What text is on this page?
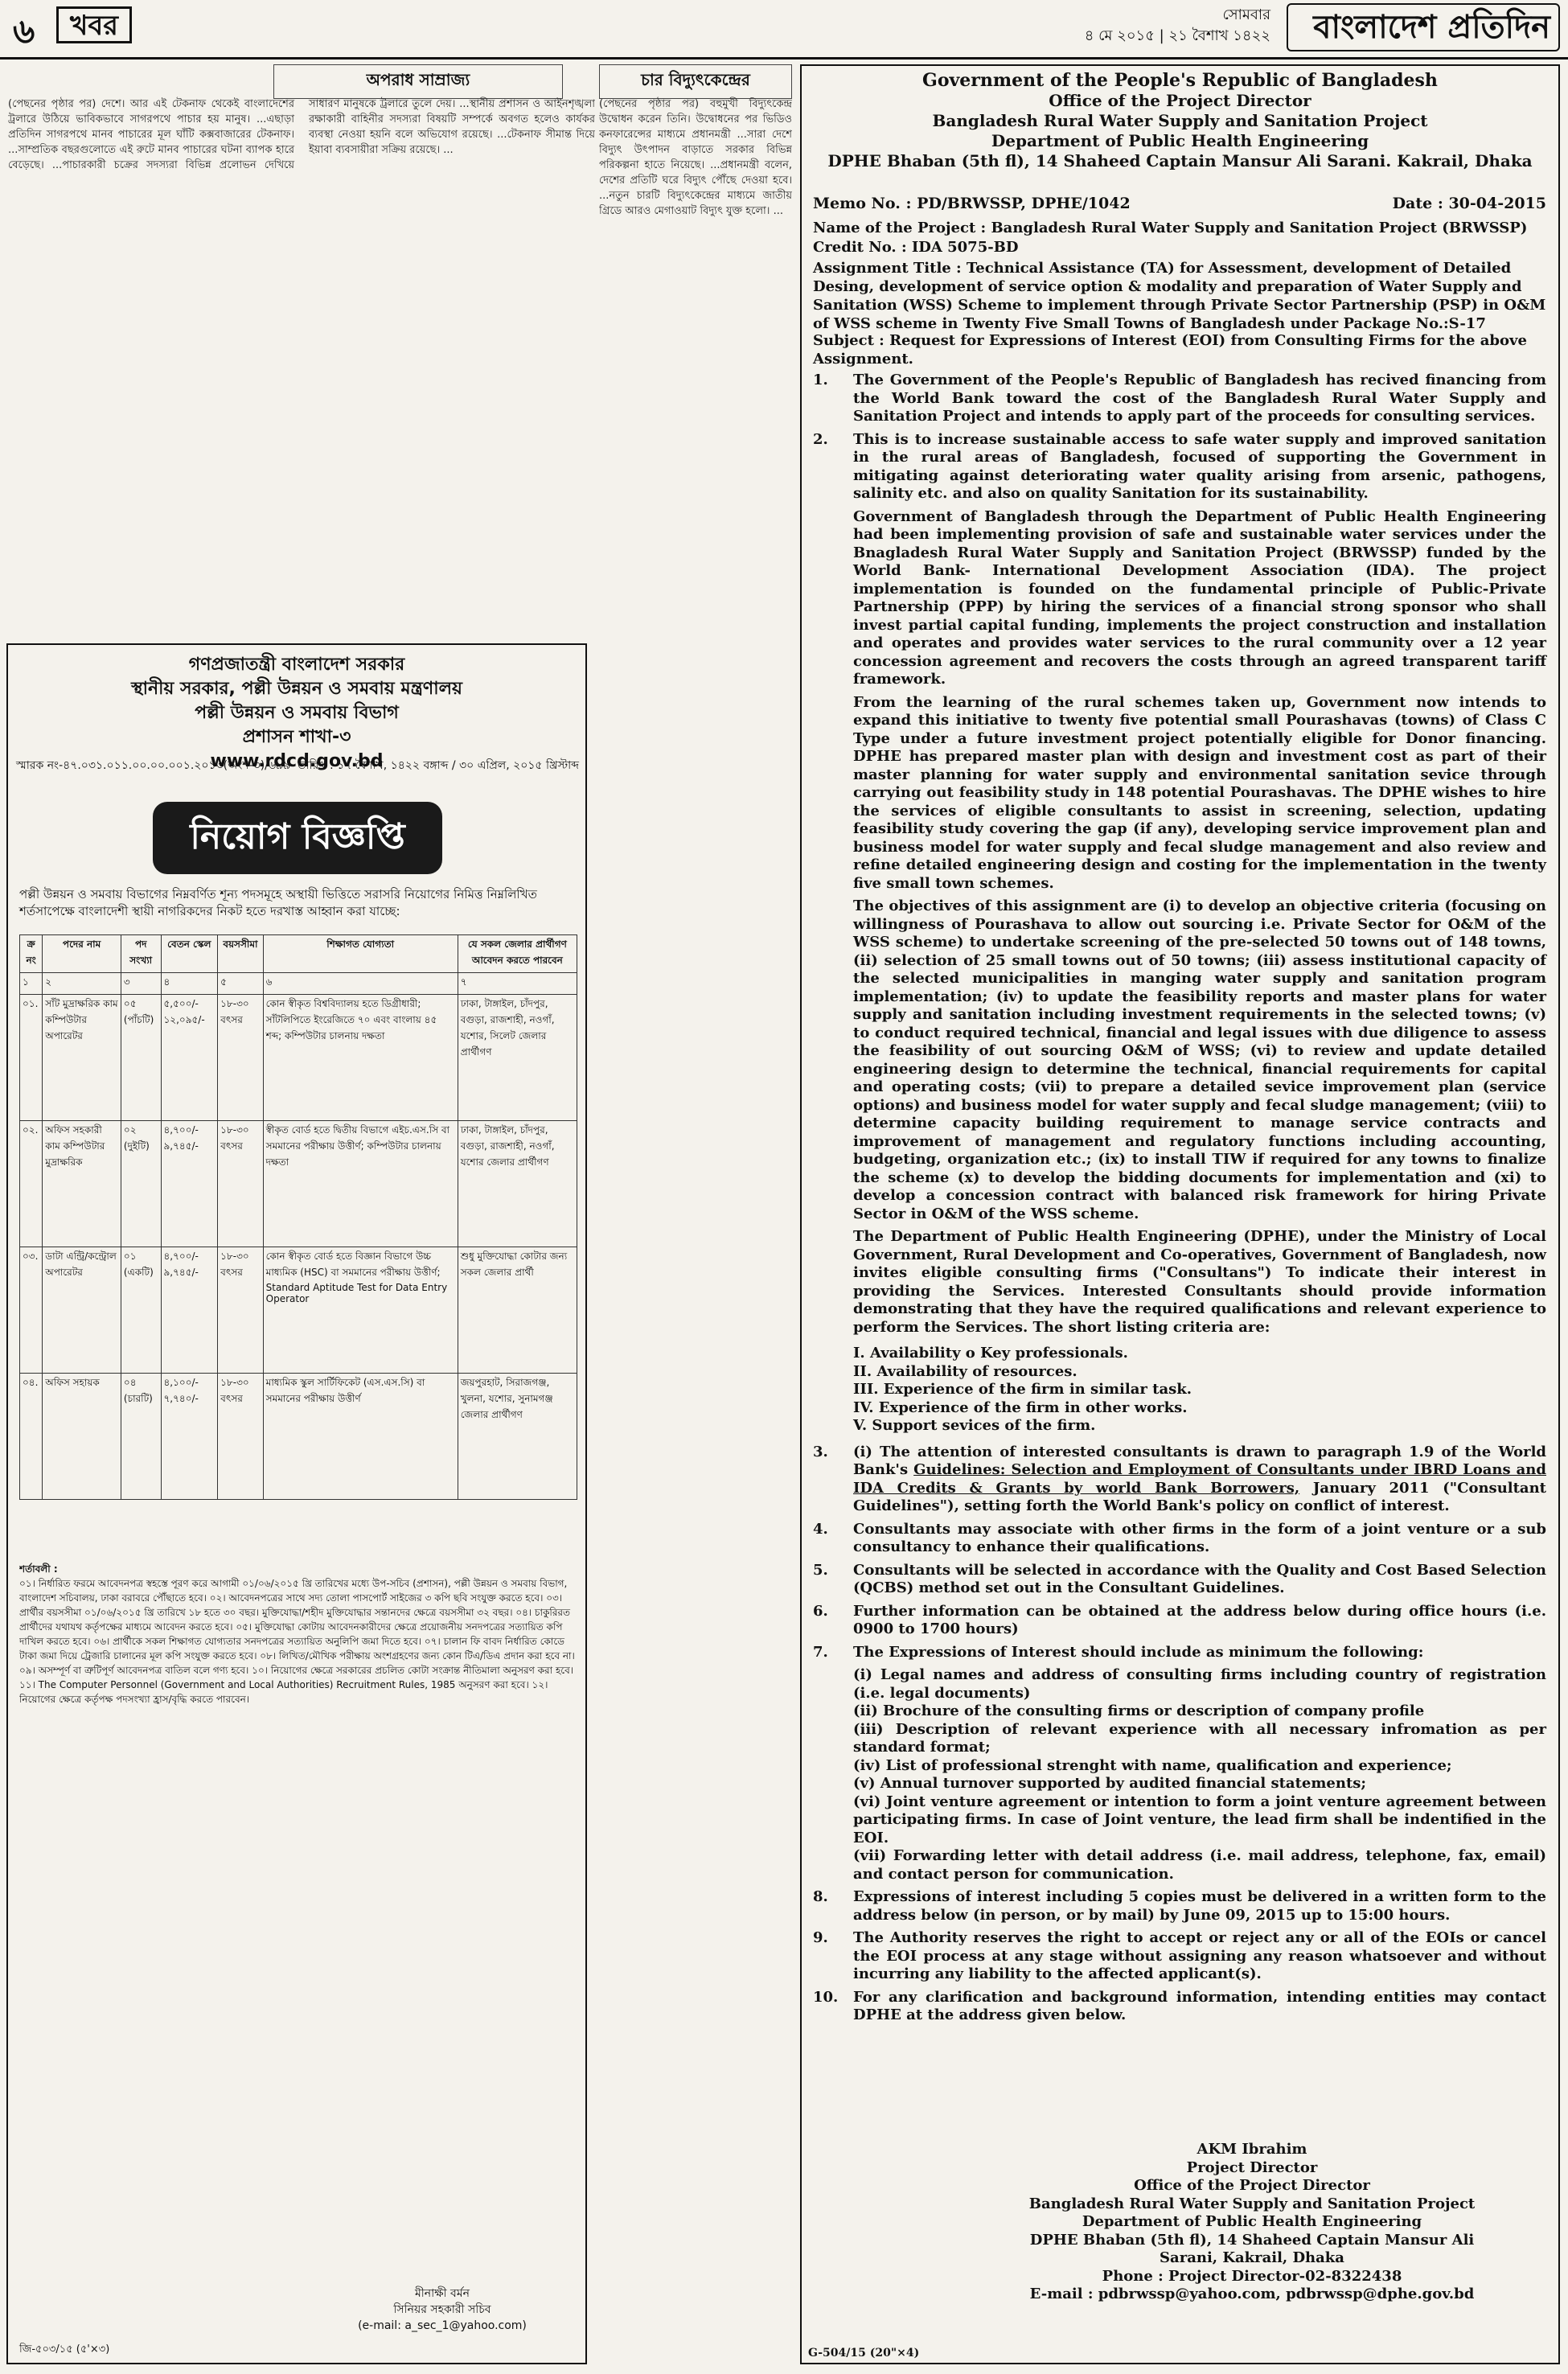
৬	খবর	সোমবার
৪ মে ২০১৫ | ২১ বৈশাখ ১৪২২	বাংলাদেশ প্রতিদিন
অপরাধ সাম্রাজ্য
(পেছনের পৃষ্ঠার পর) দেশে। আর এই টেকনাফ থেকেই বাংলাদেশের ট্রলারে উঠিয়ে ভাবিকভাবে সাগরপথে পাচার হয় মানুষ। ...এছাড়া প্রতিদিন সাগরপথে মানব পাচারের মূল ঘাঁটি কক্সবাজারের টেকনাফ। ...সাম্প্রতিক বছরগুলোতে এই রুটে মানব পাচারের ঘটনা ব্যাপক হারে বেড়েছে। ...পাচারকারী চক্রের সদস্যরা বিভিন্ন প্রলোভন দেখিয়ে সাধারণ মানুষকে ট্রলারে তুলে দেয়। ...স্থানীয় প্রশাসন ও আইনশৃঙ্খলা রক্ষাকারী বাহিনীর সদস্যরা বিষয়টি সম্পর্কে অবগত হলেও কার্যকর ব্যবস্থা নেওয়া হয়নি বলে অভিযোগ রয়েছে। ...টেকনাফ সীমান্ত দিয়ে ইয়াবা ব্যবসায়ীরা সক্রিয় রয়েছে। ...
গণপ্রজাতন্ত্রী বাংলাদেশ সরকার
স্থানীয় সরকার, পল্লী উন্নয়ন ও সমবায় মন্ত্রণালয়
পল্লী উন্নয়ন ও সমবায় বিভাগ
প্রশাসন শাখা-৩
www.rdcd.gov.bd
স্মারক নং-৪৭.০৩১.০১১.০০.০০.০০১.২০১৩(অংশ-৩)/৬৯৯ তারিখ : ১৭ বৈশাখ, ১৪২২ বঙ্গাব্দ / ৩০ এপ্রিল, ২০১৫ খ্রিস্টাব্দ
নিয়োগ বিজ্ঞপ্তি
পল্লী উন্নয়ন ও সমবায় বিভাগের নিম্নবর্ণিত শূন্য পদসমূহে অস্থায়ী ভিত্তিতে সরাসরি নিয়োগের নিমিত্ত নিম্নলিখিত শর্তসাপেক্ষে বাংলাদেশী স্থায়ী নাগরিকদের নিকট হতে দরখাস্ত আহ্বান করা যাচ্ছে:
ক্র নং	পদের নাম	পদ সংখ্যা	বেতন স্কেল	বয়সসীমা	শিক্ষাগত যোগ্যতা	যে সকল জেলার প্রার্থীগণ আবেদন করতে পারবেন
১	২	৩	৪	৫	৬	৭
০১.	সাঁট মুদ্রাক্ষরিক কাম কম্পিউটার অপারেটর	০৫ (পাঁচটি)	৫,৫০০/- ১২,০৯৫/-	১৮-৩০ বৎসর	কোন স্বীকৃত বিশ্ববিদ্যালয় হতে ডিগ্রীধারী; সাঁটলিপিতে ইংরেজিতে ৭০ এবং বাংলায় ৪৫ শব্দ; কম্পিউটার চালনায় দক্ষতা	ঢাকা, টাঙ্গাইল, চাঁদপুর, বগুড়া, রাজশাহী, নওগাঁ, যশোর, সিলেট জেলার প্রার্থীগণ
০২.	অফিস সহকারী কাম কম্পিউটার মুদ্রাক্ষরিক	০২ (দুইটি)	৪,৭০০/- ৯,৭৪৫/-	১৮-৩০ বৎসর	স্বীকৃত বোর্ড হতে দ্বিতীয় বিভাগে এইচ.এস.সি বা সমমানের পরীক্ষায় উত্তীর্ণ; কম্পিউটার চালনায় দক্ষতা	ঢাকা, টাঙ্গাইল, চাঁদপুর, বগুড়া, রাজশাহী, নওগাঁ, যশোর জেলার প্রার্থীগণ
০৩.	ডাটা এন্ট্রি/কন্ট্রোল অপারেটর	০১ (একটি)	৪,৭০০/- ৯,৭৪৫/-	১৮-৩০ বৎসর	কোন স্বীকৃত বোর্ড হতে বিজ্ঞান বিভাগে উচ্চ মাধ্যমিক (HSC) বা সমমানের পরীক্ষায় উত্তীর্ণ; Standard Aptitude Test for Data Entry Operator	শুধু মুক্তিযোদ্ধা কোটার জন্য সকল জেলার প্রার্থী
০৪.	অফিস সহায়ক	০৪ (চারটি)	৪,১০০/- ৭,৭৪০/-	১৮-৩০ বৎসর	মাধ্যমিক স্কুল সার্টিফিকেট (এস.এস.সি) বা সমমানের পরীক্ষায় উত্তীর্ণ	জয়পুরহাট, সিরাজগঞ্জ, খুলনা, যশোর, সুনামগঞ্জ জেলার প্রার্থীগণ
শর্তাবলী :
০১। নির্ধারিত ফরমে আবেদনপত্র স্বহস্তে পূরণ করে আগামী ০১/০৬/২০১৫ খ্রি তারিখের মধ্যে উপ-সচিব (প্রশাসন), পল্লী উন্নয়ন ও সমবায় বিভাগ, বাংলাদেশ সচিবালয়, ঢাকা বরাবরে পৌঁছাতে হবে। ০২। আবেদনপত্রের সাথে সদ্য তোলা পাসপোর্ট সাইজের ৩ কপি ছবি সংযুক্ত করতে হবে। ০৩। প্রার্থীর বয়সসীমা ০১/০৬/২০১৫ খ্রি তারিখে ১৮ হতে ৩০ বছর। মুক্তিযোদ্ধা/শহীদ মুক্তিযোদ্ধার সন্তানদের ক্ষেত্রে বয়সসীমা ৩২ বছর। ০৪। চাকুরিরত প্রার্থীদের যথাযথ কর্তৃপক্ষের মাধ্যমে আবেদন করতে হবে। ০৫। মুক্তিযোদ্ধা কোটায় আবেদনকারীদের ক্ষেত্রে প্রয়োজনীয় সনদপত্রের সত্যায়িত কপি দাখিল করতে হবে। ০৬। প্রার্থীকে সকল শিক্ষাগত যোগ্যতার সনদপত্রের সত্যায়িত অনুলিপি জমা দিতে হবে। ০৭। চালান ফি বাবদ নির্ধারিত কোডে টাকা জমা দিয়ে ট্রেজারি চালানের মূল কপি সংযুক্ত করতে হবে। ০৮। লিখিত/মৌখিক পরীক্ষায় অংশগ্রহণের জন্য কোন টিএ/ডিএ প্রদান করা হবে না। ০৯। অসম্পূর্ণ বা ত্রুটিপূর্ণ আবেদনপত্র বাতিল বলে গণ্য হবে। ১০। নিয়োগের ক্ষেত্রে সরকারের প্রচলিত কোটা সংক্রান্ত নীতিমালা অনুসরণ করা হবে। ১১। The Computer Personnel (Government and Local Authorities) Recruitment Rules, 1985 অনুসরণ করা হবে। ১২। নিয়োগের ক্ষেত্রে কর্তৃপক্ষ পদসংখ্যা হ্রাস/বৃদ্ধি করতে পারবেন।
মীনাক্ষী বর্মন
সিনিয়র সহকারী সচিব
(e-mail: a_sec_1@yahoo.com)
জি-৫০৩/১৫ (৫'×৩)
চার বিদ্যুৎকেন্দ্রের
(পেছনের পৃষ্ঠার পর) বহুমুখী বিদ্যুৎকেন্দ্র উদ্বোধন করেন তিনি। উদ্বোধনের পর ভিডিও কনফারেন্সের মাধ্যমে প্রধানমন্ত্রী ...সারা দেশে বিদ্যুৎ উৎপাদন বাড়াতে সরকার বিভিন্ন পরিকল্পনা হাতে নিয়েছে। ...প্রধানমন্ত্রী বলেন, দেশের প্রতিটি ঘরে বিদ্যুৎ পৌঁছে দেওয়া হবে। ...নতুন চারটি বিদ্যুৎকেন্দ্রের মাধ্যমে জাতীয় গ্রিডে আরও মেগাওয়াট বিদ্যুৎ যুক্ত হলো। ...
Government of the People's Republic of Bangladesh
Office of the Project Director
Bangladesh Rural Water Supply and Sanitation Project
Department of Public Health Engineering
DPHE Bhaban (5th fl), 14 Shaheed Captain Mansur Ali Sarani. Kakrail, Dhaka
Memo No. : PD/BRWSSP, DPHE/1042	Date : 30-04-2015
Name of the Project : Bangladesh Rural Water Supply and Sanitation Project (BRWSSP)
Credit No. : IDA 5075-BD
Assignment Title : Technical Assistance (TA) for Assessment, development of Detailed Desing, development of service option & modality and preparation of Water Supply and Sanitation (WSS) Scheme to implement through Private Sector Partnership (PSP) in O&M of WSS scheme in Twenty Five Small Towns of Bangladesh under Package No.:S-17
Subject : Request for Expressions of Interest (EOI) from Consulting Firms for the above Assignment.
1.	The Government of the People's Republic of Bangladesh has recived financing from the World Bank toward the cost of the Bangladesh Rural Water Supply and Sanitation Project and intends to apply part of the proceeds for consulting services.
2.	This is to increase sustainable access to safe water supply and improved sanitation in the rural areas of Bangladesh, focused of supporting the Government in mitigating against deteriorating water quality arising from arsenic, pathogens, salinity etc. and also on quality Sanitation for its sustainability.
Government of Bangladesh through the Department of Public Health Engineering had been implementing provision of safe and sustainable water services under the Bnagladesh Rural Water Supply and Sanitation Project (BRWSSP) funded by the World Bank- International Development Association (IDA). The project implementation is founded on the fundamental principle of Public-Private Partnership (PPP) by hiring the services of a financial strong sponsor who shall invest partial capital funding, implements the project construction and installation and operates and provides water services to the rural community over a 12 year concession agreement and recovers the costs through an agreed transparent tariff framework.
From the learning of the rural schemes taken up, Government now intends to expand this initiative to twenty five potential small Pourashavas (towns) of Class C Type under a future investment project potentially eligible for Donor financing. DPHE has prepared master plan with design and investment cost as part of their master planning for water supply and environmental sanitation sevice through carrying out feasibility study in 148 potential Pourashavas. The DPHE wishes to hire the services of eligible consultants to assist in screening, selection, updating feasibility study covering the gap (if any), developing service improvement plan and business model for water supply and fecal sludge management and also review and refine detailed engineering design and costing for the implementation in the twenty five small town schemes.
The objectives of this assignment are (i) to develop an objective criteria (focusing on willingness of Pourashava to allow out sourcing i.e. Private Sector for O&M of the WSS scheme) to undertake screening of the pre-selected 50 towns out of 148 towns, (ii) selection of 25 small towns out of 50 towns; (iii) assess institutional capacity of the selected municipalities in manging water supply and sanitation program implementation; (iv) to update the feasibility reports and master plans for water supply and sanitation including investment requirements in the selected towns; (v) to conduct required technical, financial and legal issues with due diligence to assess the feasibility of out sourcing O&M of WSS; (vi) to review and update detailed engineering design to determine the technical, financial requirements for capital and operating costs; (vii) to prepare a detailed sevice improvement plan (service options) and business model for water supply and fecal sludge management; (viii) to determine capacity building requirement to manage service contracts and improvement of management and regulatory functions including accounting, budgeting, organization etc.; (ix) to install TIW if required for any towns to finalize the scheme (x) to develop the bidding documents for implementation and (xi) to develop a concession contract with balanced risk framework for hiring Private Sector in O&M of the WSS scheme.
The Department of Public Health Engineering (DPHE), under the Ministry of Local Government, Rural Development and Co-operatives, Government of Bangladesh, now invites eligible consulting firms ("Consultans") To indicate their interest in providing the Services. Interested Consultants should provide information demonstrating that they have the required qualifications and relevant experience to perform the Services. The short listing criteria are:
I. Availability o Key professionals.
II. Availability of resources.
III. Experience of the firm in similar task.
IV. Experience of the firm in other works.
V. Support sevices of the firm.
3.	(i) The attention of interested consultants is drawn to paragraph 1.9 of the World Bank's Guidelines: Selection and Employment of Consultants under IBRD Loans and IDA Credits & Grants by world Bank Borrowers, January 2011 ("Consultant Guidelines"), setting forth the World Bank's policy on conflict of interest.
4.	Consultants may associate with other firms in the form of a joint venture or a sub consultancy to enhance their qualifications.
5.	Consultants will be selected in accordance with the Quality and Cost Based Selection (QCBS) method set out in the Consultant Guidelines.
6.	Further information can be obtained at the address below during office hours (i.e. 0900 to 1700 hours)
7.	The Expressions of Interest should include as minimum the following:
(i) Legal names and address of consulting firms including country of registration (i.e. legal documents)
(ii) Brochure of the consulting firms or description of company profile
(iii) Description of relevant experience with all necessary infromation as per standard format;
(iv) List of professional strenght with name, qualification and experience;
(v) Annual turnover supported by audited financial statements;
(vi) Joint venture agreement or intention to form a joint venture agreement between participating firms. In case of Joint venture, the lead firm shall be indentified in the EOI.
(vii) Forwarding letter with detail address (i.e. mail address, telephone, fax, email) and contact person for communication.
8.	Expressions of interest including 5 copies must be delivered in a written form to the address below (in person, or by mail) by June 09, 2015 up to 15:00 hours.
9.	The Authority reserves the right to accept or reject any or all of the EOIs or cancel the EOI process at any stage without assigning any reason whatsoever and without incurring any liability to the affected applicant(s).
10.	For any clarification and background information, intending entities may contact DPHE at the address given below.
AKM Ibrahim
Project Director
Office of the Project Director
Bangladesh Rural Water Supply and Sanitation Project
Department of Public Health Engineering
DPHE Bhaban (5th fl), 14 Shaheed Captain Mansur Ali
Sarani, Kakrail, Dhaka
Phone : Project Director-02-8322438
E-mail : pdbrwssp@yahoo.com, pdbrwssp@dphe.gov.bd
G-504/15 (20"×4)
